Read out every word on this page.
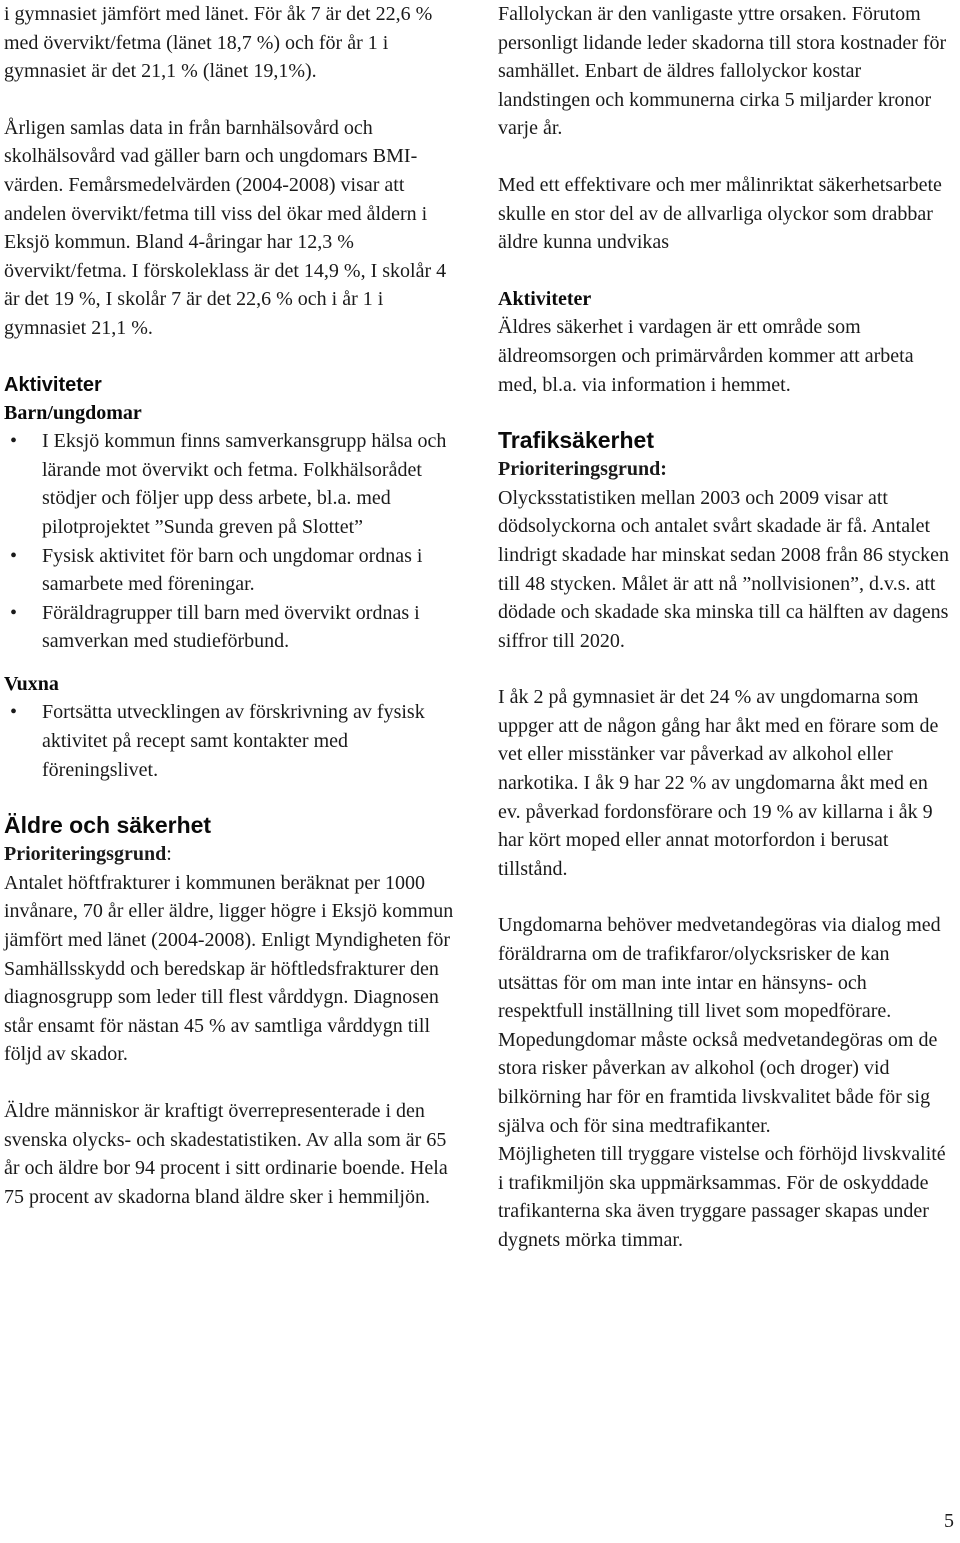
i gymnasiet jämfört med länet. För åk 7 är det 22,6 % med övervikt/fetma (länet 18,7 %) och för år 1 i gymnasiet är det 21,1 % (länet 19,1%).

Årligen samlas data in från barnhälsovård och skolhälsovård vad gäller barn och ungdomars BMI-värden. Femårsmedelvärden (2004-2008) visar att andelen övervikt/fetma till viss del ökar med åldern i Eksjö kommun. Bland 4-åringar har 12,3 % övervikt/fetma. I förskoleklass är det 14,9 %, I skolår 4 är det 19 %, I skolår 7 är det 22,6 % och i år 1 i gymnasiet 21,1 %.

Aktiviteter

Barn/ungdomar

• I Eksjö kommun finns samverkansgrupp hälsa och lärande mot övervikt och fetma. Folkhälsorådet stödjer och följer upp dess arbete, bl.a. med pilotprojektet ”Sunda greven på Slottet”
• Fysisk aktivitet för barn och ungdomar ordnas i samarbete med föreningar.
• Föräldragrupper till barn med övervikt ordnas i samverkan med studieförbund.

Vuxna

• Fortsätta utvecklingen av förskrivning av fysisk aktivitet på recept samt kontakter med föreningslivet.

Äldre och säkerhet

Prioriteringsgrund:

Antalet höftfrakturer i kommunen beräknat per 1000 invånare, 70 år eller äldre, ligger högre i Eksjö kommun jämfört med länet (2004-2008). Enligt Myndigheten för Samhällsskydd och beredskap är höftledsfrakturer den diagnosgrupp som leder till flest vårddygn. Diagnosen står ensamt för nästan 45 % av samtliga vårddygn till följd av skador.

Äldre människor är kraftigt överrepresenterade i den svenska olycks- och skadestatistiken. Av alla som är 65 år och äldre bor 94 procent i sitt ordinarie boende. Hela 75 procent av skadorna bland äldre sker i hemmiljön.

Fallolyckan är den vanligaste yttre orsaken. Förutom personligt lidande leder skadorna till stora kostnader för samhället. Enbart de äldres fallolyckor kostar landstingen och kommunerna cirka 5 miljarder kronor varje år.

Med ett effektivare och mer målinriktat säkerhetsarbete skulle en stor del av de allvarliga olyckor som drabbar äldre kunna undvikas

Aktiviteter

Äldres säkerhet i vardagen är ett område som äldreomsorgen och primärvården kommer att arbeta med, bl.a. via information i hemmet.

Trafiksäkerhet

Prioriteringsgrund:

Olycksstatistiken mellan 2003 och 2009 visar att dödsolyckorna och antalet svårt skadade är få. Antalet lindrigt skadade har minskat sedan 2008 från 86 stycken till 48 stycken. Målet är att nå ”nollvisionen”, d.v.s. att dödade och skadade ska minska till ca hälften av dagens siffror till 2020.

I åk 2 på gymnasiet är det 24 % av ungdomarna som uppger att de någon gång har åkt med en förare som de vet eller misstänker var påverkad av alkohol eller narkotika. I åk 9 har 22 % av ungdomarna åkt med en ev. påverkad fordonsförare och 19 % av killarna i åk 9 har kört moped eller annat motorfordon i berusat tillstånd.

Ungdomarna behöver medvetandegöras via dialog med föräldrarna om de trafikfaror/olycksrisker de kan utsättas för om man inte intar en hänsyns- och respektfull inställning till livet som mopedförare.

Mopedungdomar måste också medvetandegöras om de stora risker påverkan av alkohol (och droger) vid bilkörning har för en framtida livskvalitet både för sig själva och för sina medtrafikanter.

Möjligheten till tryggare vistelse och förhöjd livskvalité i trafikmiljön ska uppmärksammas. För de oskyddade trafikanterna ska även tryggare passager skapas under dygnets mörka timmar.

5
